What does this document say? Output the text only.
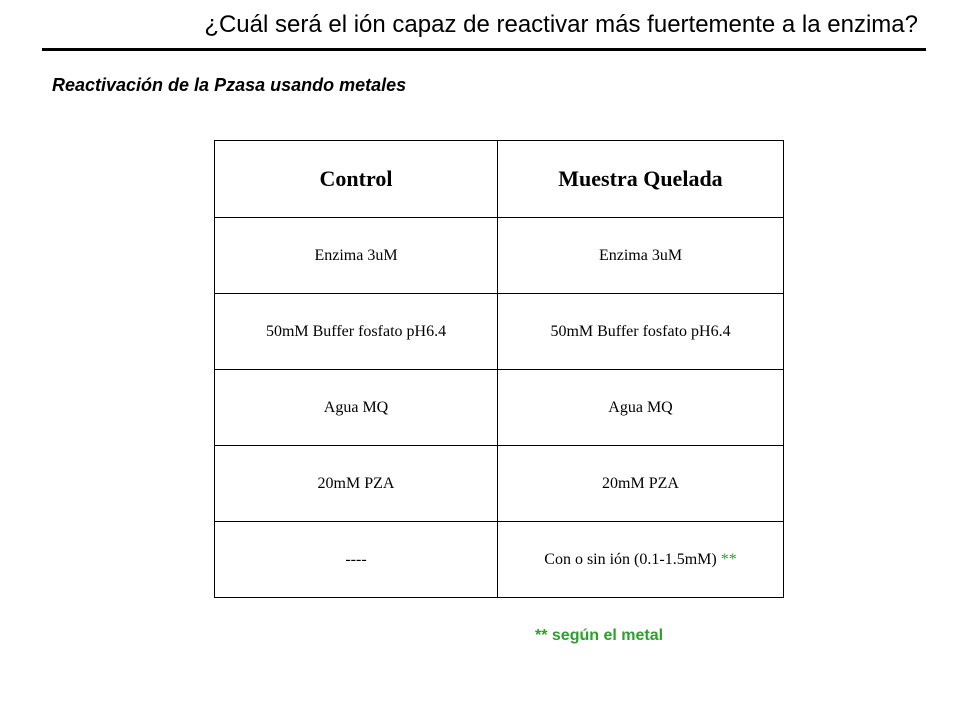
¿Cuál será el ión capaz de reactivar más fuertemente a la enzima?
Reactivación de la Pzasa usando metales
Control	Muestra Quelada
Enzima 3uM	Enzima 3uM
50mM Buffer fosfato pH6.4	50mM Buffer fosfato pH6.4
Agua MQ	Agua MQ
20mM PZA	20mM PZA
----	Con o sin ión (0.1-1.5mM) **
** según el metal
